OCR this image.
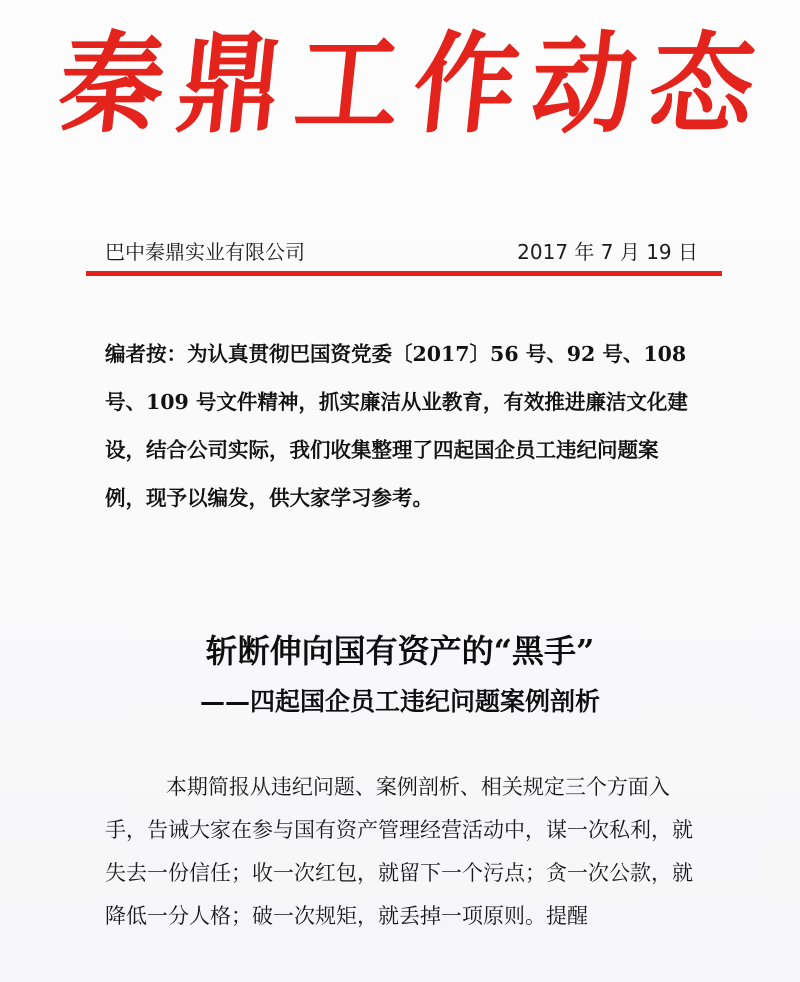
秦鼎工作动态
巴中秦鼎实业有限公司	2017 年 7 月 19 日

编者按：为认真贯彻巴国资党委〔2017〕56 号、92 号、108 号、109 号文件精神，抓实廉洁从业教育，有效推进廉洁文化建设，结合公司实际，我们收集整理了四起国企员工违纪问题案例，现予以编发，供大家学习参考。

斩断伸向国有资产的“黑手”
——四起国企员工违纪问题案例剖析

本期简报从违纪问题、案例剖析、相关规定三个方面入手，告诫大家在参与国有资产管理经营活动中，谋一次私利，就失去一份信任；收一次红包，就留下一个污点；贪一次公款，就降低一分人格；破一次规矩，就丢掉一项原则。提醒
